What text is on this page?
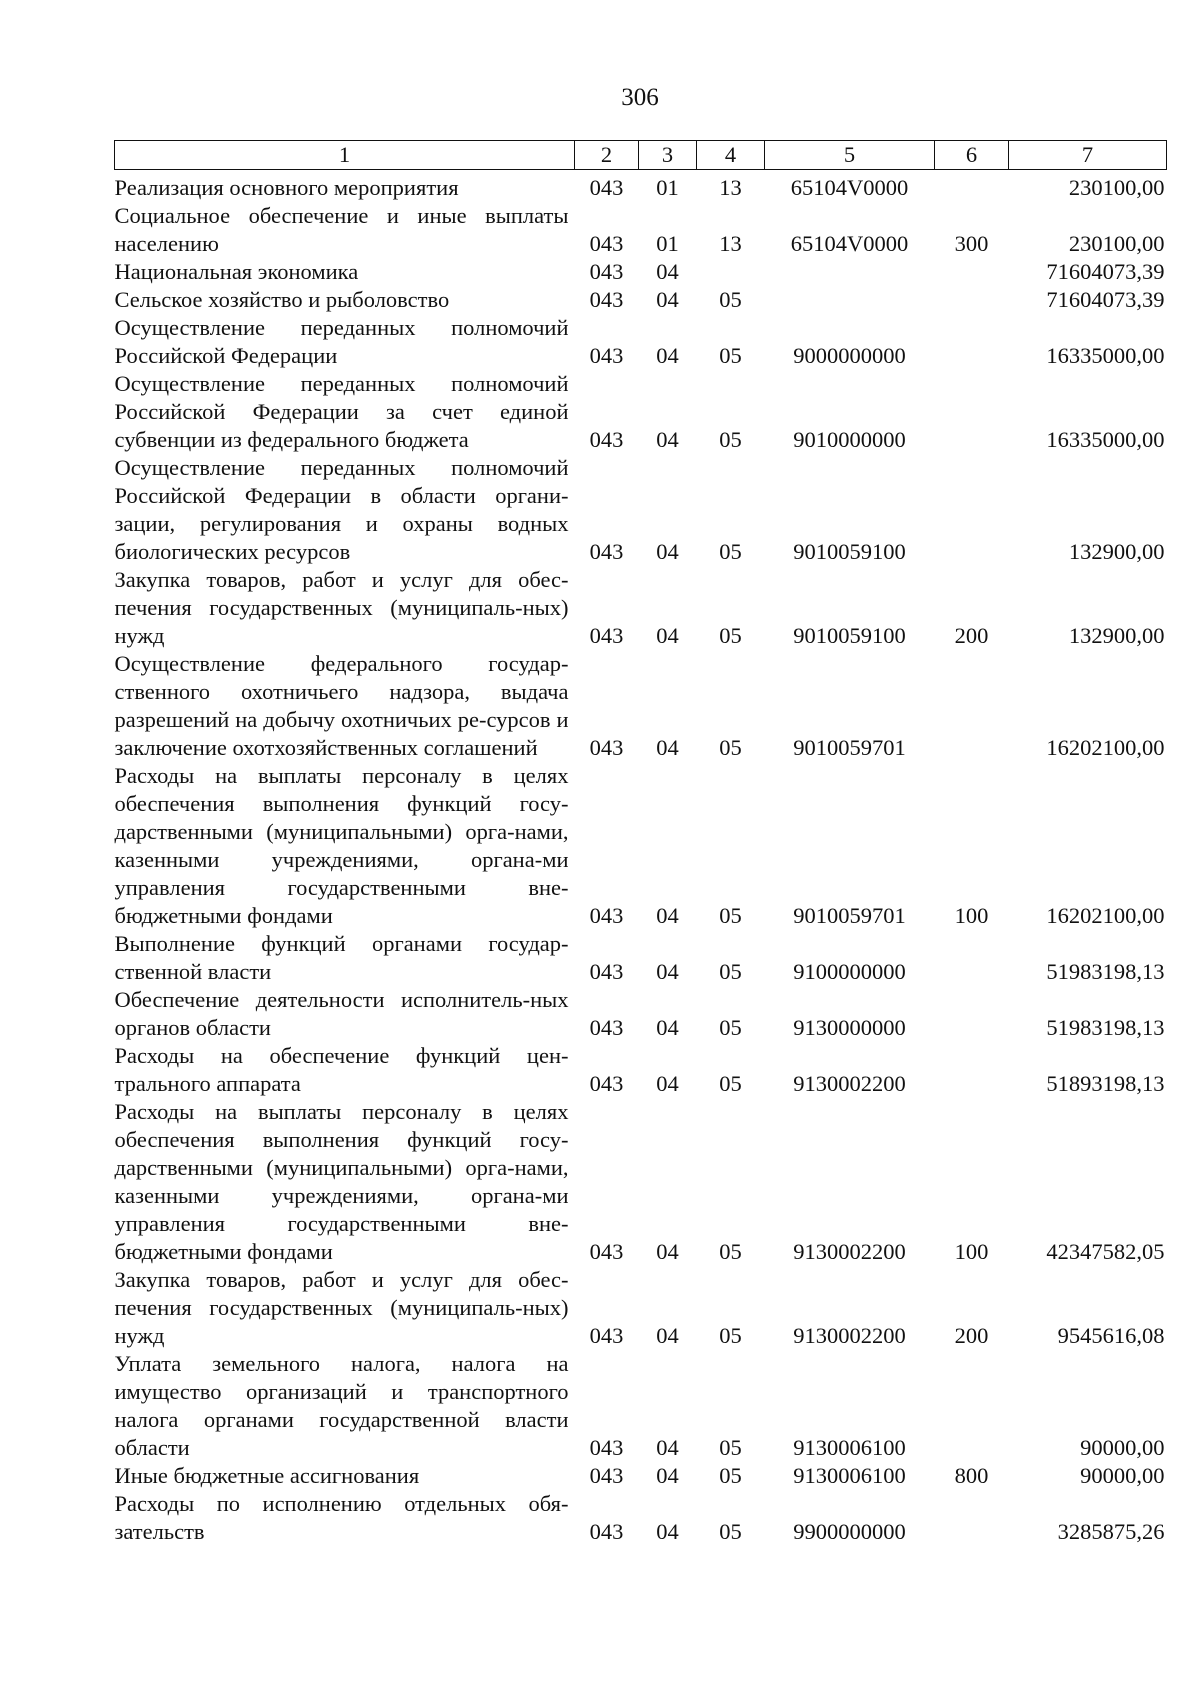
306
1	2	3	4	5	6	7
Реализация основного мероприятия	043	01	13	65104V0000		230100,00
Социальное обеспечение и иные выплаты населению	043	01	13	65104V0000	300	230100,00
Национальная экономика	043	04				71604073,39
Сельское хозяйство и рыболовство	043	04	05			71604073,39
Осуществление переданных полномочий Российской Федерации	043	04	05	9000000000		16335000,00
Осуществление переданных полномочий Российской Федерации за счет единой субвенции из федерального бюджета	043	04	05	9010000000		16335000,00
Осуществление переданных полномочий Российской Федерации в области органи-зации, регулирования и охраны водных биологических ресурсов	043	04	05	9010059100		132900,00
Закупка товаров, работ и услуг для обес-печения государственных (муниципаль-ных) нужд	043	04	05	9010059100	200	132900,00
Осуществление федерального государ-ственного охотничьего надзора, выдача разрешений на добычу охотничьих ре-сурсов и заключение охотхозяйственных соглашений	043	04	05	9010059701		16202100,00
Расходы на выплаты персоналу в целях обеспечения выполнения функций госу-дарственными (муниципальными) орга-нами, казенными учреждениями, органа-ми управления государственными вне-бюджетными фондами	043	04	05	9010059701	100	16202100,00
Выполнение функций органами государ-ственной власти	043	04	05	9100000000		51983198,13
Обеспечение деятельности исполнитель-ных органов области	043	04	05	9130000000		51983198,13
Расходы на обеспечение функций цен-трального аппарата	043	04	05	9130002200		51893198,13
Расходы на выплаты персоналу в целях обеспечения выполнения функций госу-дарственными (муниципальными) орга-нами, казенными учреждениями, органа-ми управления государственными вне-бюджетными фондами	043	04	05	9130002200	100	42347582,05
Закупка товаров, работ и услуг для обес-печения государственных (муниципаль-ных) нужд	043	04	05	9130002200	200	9545616,08
Уплата земельного налога, налога на имущество организаций и транспортного налога органами государственной власти области	043	04	05	9130006100		90000,00
Иные бюджетные ассигнования	043	04	05	9130006100	800	90000,00
Расходы по исполнению отдельных обя-зательств	043	04	05	9900000000		3285875,26
